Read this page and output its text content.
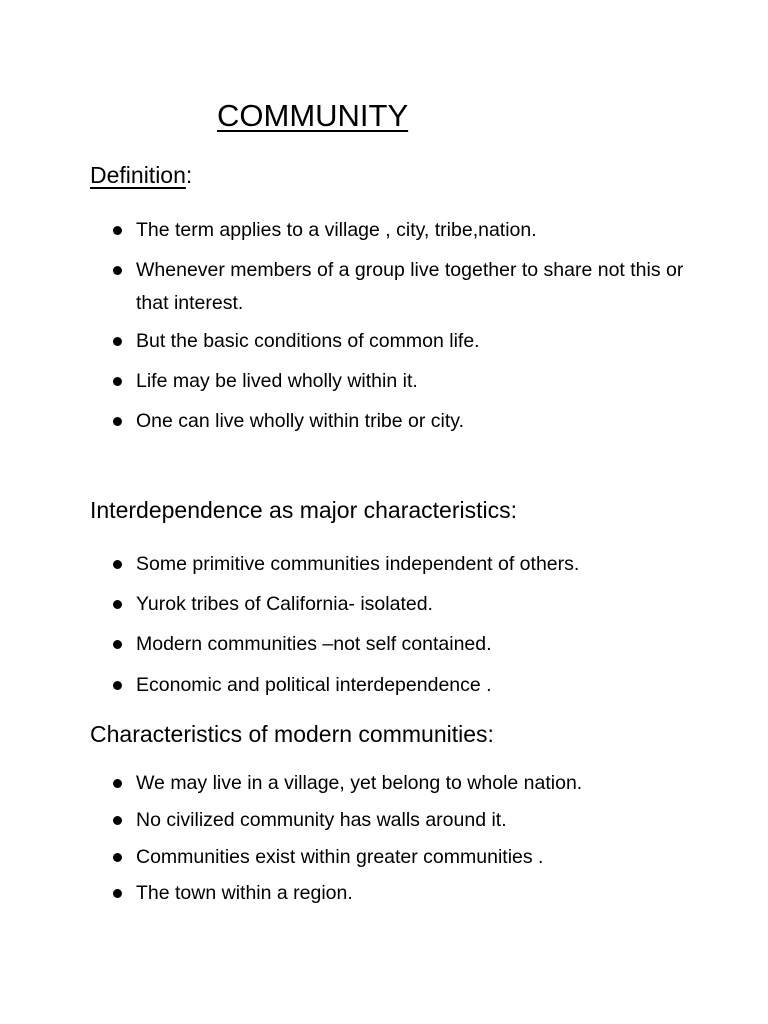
COMMUNITY
Definition:
The term applies to a village , city, tribe,nation.
Whenever members of a group live together to share not this or that interest.
But the basic conditions of common life.
Life may be lived wholly within it.
One can live wholly within tribe or city.
Interdependence as major characteristics:
Some primitive communities independent of others.
Yurok tribes of California- isolated.
Modern communities –not self contained.
Economic and political interdependence .
Characteristics of modern communities:
We may live in a village, yet belong to whole nation.
No civilized community has walls around it.
Communities exist within greater communities .
The town within a region.
